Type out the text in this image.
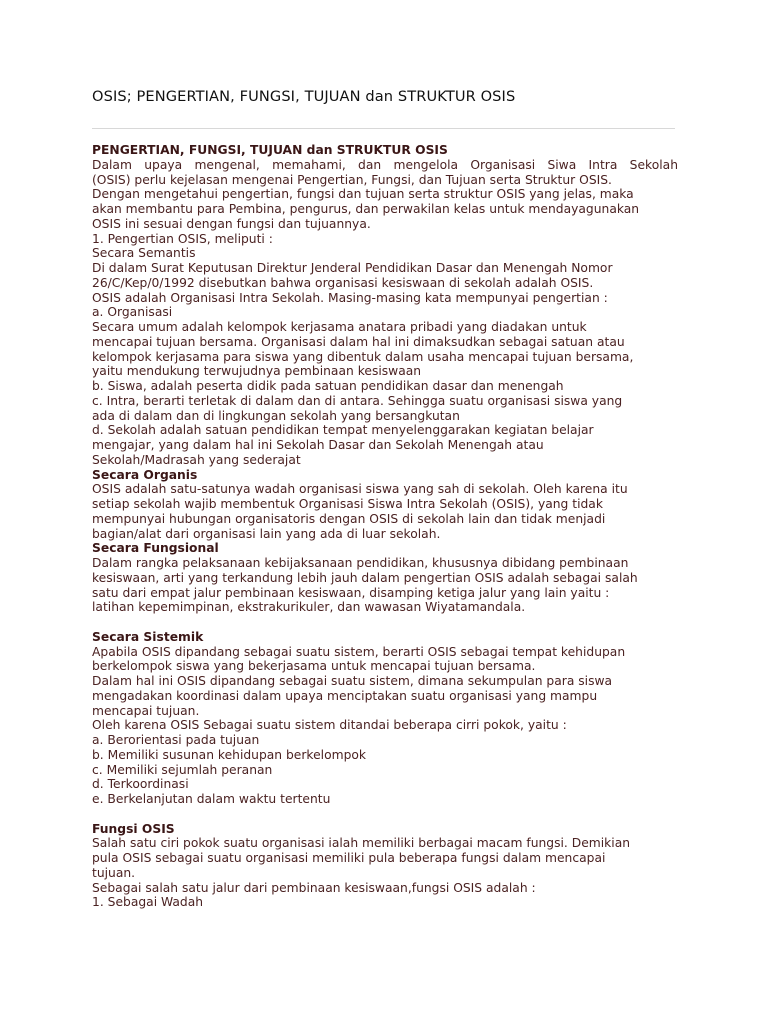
OSIS; PENGERTIAN, FUNGSI, TUJUAN dan STRUKTUR OSIS
PENGERTIAN, FUNGSI, TUJUAN dan STRUKTUR OSIS
Dalam upaya mengenal, memahami, dan mengelola Organisasi Siwa Intra Sekolah
(OSIS) perlu kejelasan mengenai Pengertian, Fungsi, dan Tujuan serta Struktur OSIS.
Dengan mengetahui pengertian, fungsi dan tujuan serta struktur OSIS yang jelas, maka
akan membantu para Pembina, pengurus, dan perwakilan kelas untuk mendayagunakan
OSIS ini sesuai dengan fungsi dan tujuannya.
1. Pengertian OSIS, meliputi :
Secara Semantis
Di dalam Surat Keputusan Direktur Jenderal Pendidikan Dasar dan Menengah Nomor
26/C/Kep/0/1992 disebutkan bahwa organisasi kesiswaan di sekolah adalah OSIS.
OSIS adalah Organisasi Intra Sekolah. Masing-masing kata mempunyai pengertian :
a. Organisasi
Secara umum adalah kelompok kerjasama anatara pribadi yang diadakan untuk
mencapai tujuan bersama. Organisasi dalam hal ini dimaksudkan sebagai satuan atau
kelompok kerjasama para siswa yang dibentuk dalam usaha mencapai tujuan bersama,
yaitu mendukung terwujudnya pembinaan kesiswaan
b. Siswa, adalah peserta didik pada satuan pendidikan dasar dan menengah
c. Intra, berarti terletak di dalam dan di antara. Sehingga suatu organisasi siswa yang
ada di dalam dan di lingkungan sekolah yang bersangkutan
d. Sekolah adalah satuan pendidikan tempat menyelenggarakan kegiatan belajar
mengajar, yang dalam hal ini Sekolah Dasar dan Sekolah Menengah atau
Sekolah/Madrasah yang sederajat
Secara Organis
OSIS adalah satu-satunya wadah organisasi siswa yang sah di sekolah. Oleh karena itu
setiap sekolah wajib membentuk Organisasi Siswa Intra Sekolah (OSIS), yang tidak
mempunyai hubungan organisatoris dengan OSIS di sekolah lain dan tidak menjadi
bagian/alat dari organisasi lain yang ada di luar sekolah.
Secara Fungsional
Dalam rangka pelaksanaan kebijaksanaan pendidikan, khususnya dibidang pembinaan
kesiswaan, arti yang terkandung lebih jauh dalam pengertian OSIS adalah sebagai salah
satu dari empat jalur pembinaan kesiswaan, disamping ketiga jalur yang lain yaitu :
latihan kepemimpinan, ekstrakurikuler, dan wawasan Wiyatamandala.
Secara Sistemik
Apabila OSIS dipandang sebagai suatu sistem, berarti OSIS sebagai tempat kehidupan
berkelompok siswa yang bekerjasama untuk mencapai tujuan bersama.
Dalam hal ini OSIS dipandang sebagai suatu sistem, dimana sekumpulan para siswa
mengadakan koordinasi dalam upaya menciptakan suatu organisasi yang mampu
mencapai tujuan.
Oleh karena OSIS Sebagai suatu sistem ditandai beberapa cirri pokok, yaitu :
a. Berorientasi pada tujuan
b. Memiliki susunan kehidupan berkelompok
c. Memiliki sejumlah peranan
d. Terkoordinasi
e. Berkelanjutan dalam waktu tertentu
Fungsi OSIS
Salah satu ciri pokok suatu organisasi ialah memiliki berbagai macam fungsi. Demikian
pula OSIS sebagai suatu organisasi memiliki pula beberapa fungsi dalam mencapai
tujuan.
Sebagai salah satu jalur dari pembinaan kesiswaan,fungsi OSIS adalah :
1. Sebagai Wadah
